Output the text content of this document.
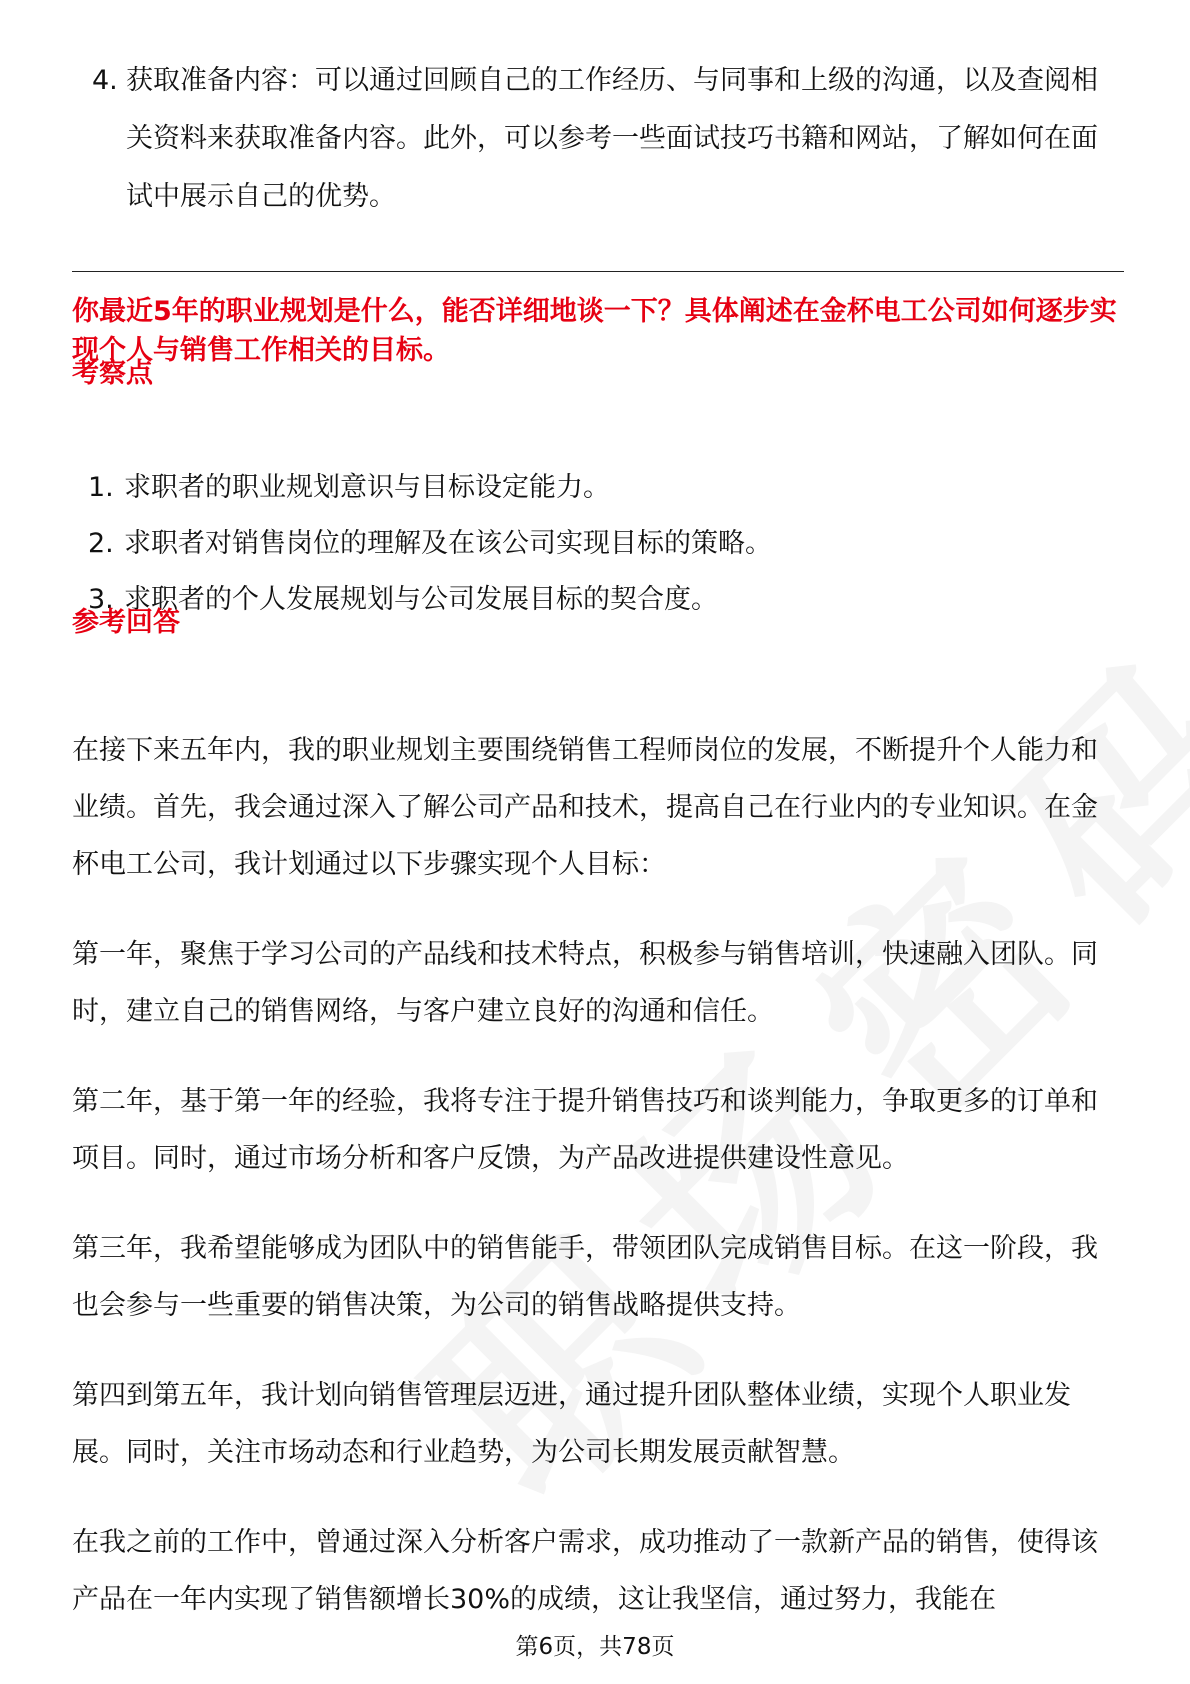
4. 获取准备内容：可以通过回顾自己的工作经历、与同事和上级的沟通，以及查阅相关资料来获取准备内容。此外，可以参考一些面试技巧书籍和网站，了解如何在面试中展示自己的优势。
你最近5年的职业规划是什么，能否详细地谈一下？具体阐述在金杯电工公司如何逐步实现个人与销售工作相关的目标。
考察点
1. 求职者的职业规划意识与目标设定能力。
2. 求职者对销售岗位的理解及在该公司实现目标的策略。
3. 求职者的个人发展规划与公司发展目标的契合度。
参考回答

在接下来五年内，我的职业规划主要围绕销售工程师岗位的发展，不断提升个人能力和业绩。首先，我会通过深入了解公司产品和技术，提高自己在行业内的专业知识。在金杯电工公司，我计划通过以下步骤实现个人目标：

第一年，聚焦于学习公司的产品线和技术特点，积极参与销售培训，快速融入团队。同时，建立自己的销售网络，与客户建立良好的沟通和信任。

第二年，基于第一年的经验，我将专注于提升销售技巧和谈判能力，争取更多的订单和项目。同时，通过市场分析和客户反馈，为产品改进提供建设性意见。

第三年，我希望能够成为团队中的销售能手，带领团队完成销售目标。在这一阶段，我也会参与一些重要的销售决策，为公司的销售战略提供支持。

第四到第五年，我计划向销售管理层迈进，通过提升团队整体业绩，实现个人职业发展。同时，关注市场动态和行业趋势，为公司长期发展贡献智慧。

在我之前的工作中，曾通过深入分析客户需求，成功推动了一款新产品的销售，使得该产品在一年内实现了销售额增长30%的成绩，这让我坚信，通过努力，我能在

第6页，共78页
